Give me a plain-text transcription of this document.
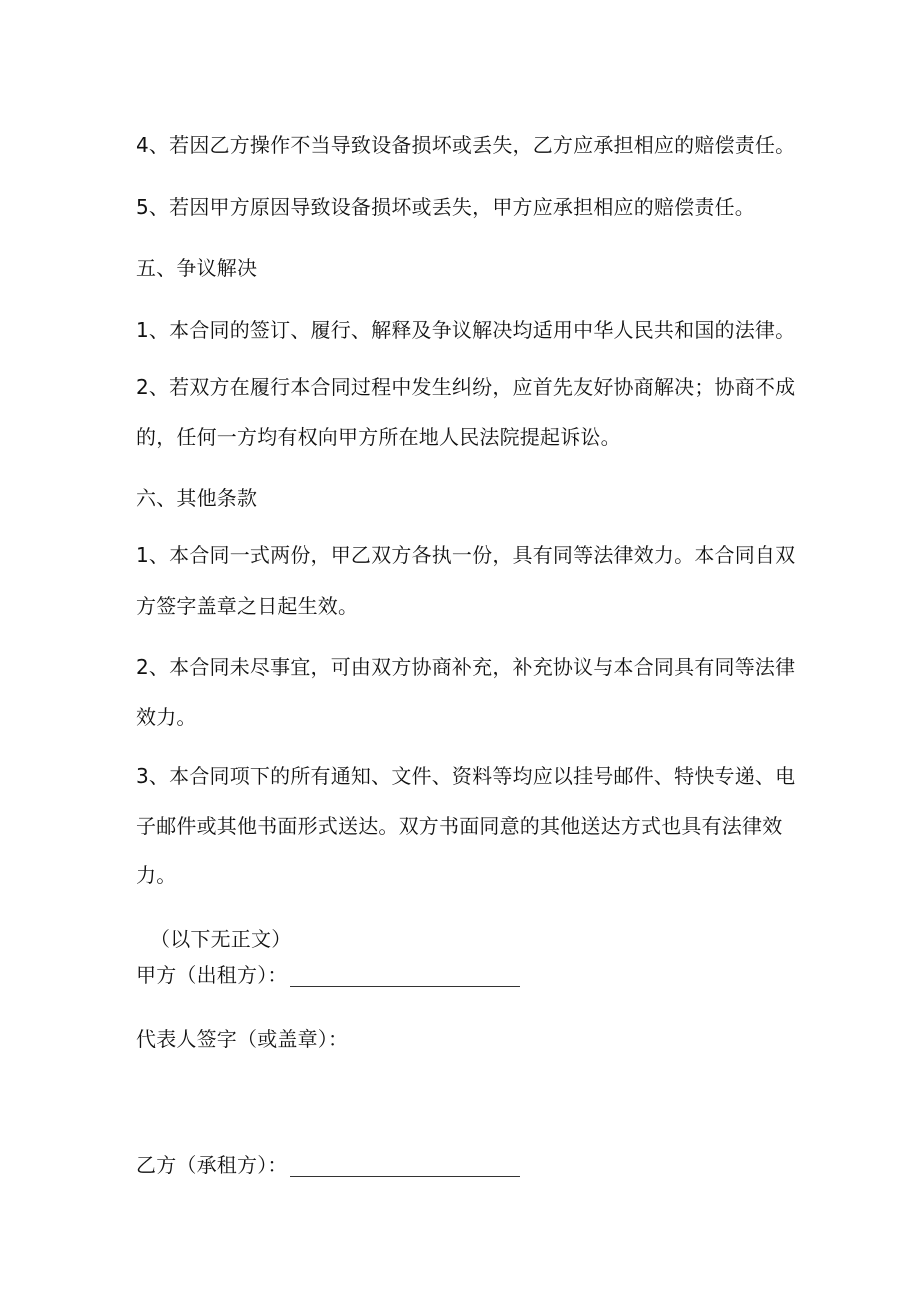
4、若因乙方操作不当导致设备损坏或丢失，乙方应承担相应的赔偿责任。
5、若因甲方原因导致设备损坏或丢失，甲方应承担相应的赔偿责任。
五、争议解决
1、本合同的签订、履行、解释及争议解决均适用中华人民共和国的法律。
2、若双方在履行本合同过程中发生纠纷，应首先友好协商解决；协商不成
的，任何一方均有权向甲方所在地人民法院提起诉讼。
六、其他条款
1、本合同一式两份，甲乙双方各执一份，具有同等法律效力。本合同自双
方签字盖章之日起生效。
2、本合同未尽事宜，可由双方协商补充，补充协议与本合同具有同等法律
效力。
3、本合同项下的所有通知、文件、资料等均应以挂号邮件、特快专递、电
子邮件或其他书面形式送达。双方书面同意的其他送达方式也具有法律效
力。
（以下无正文）
甲方（出租方）：
代表人签字（或盖章）：
乙方（承租方）：
